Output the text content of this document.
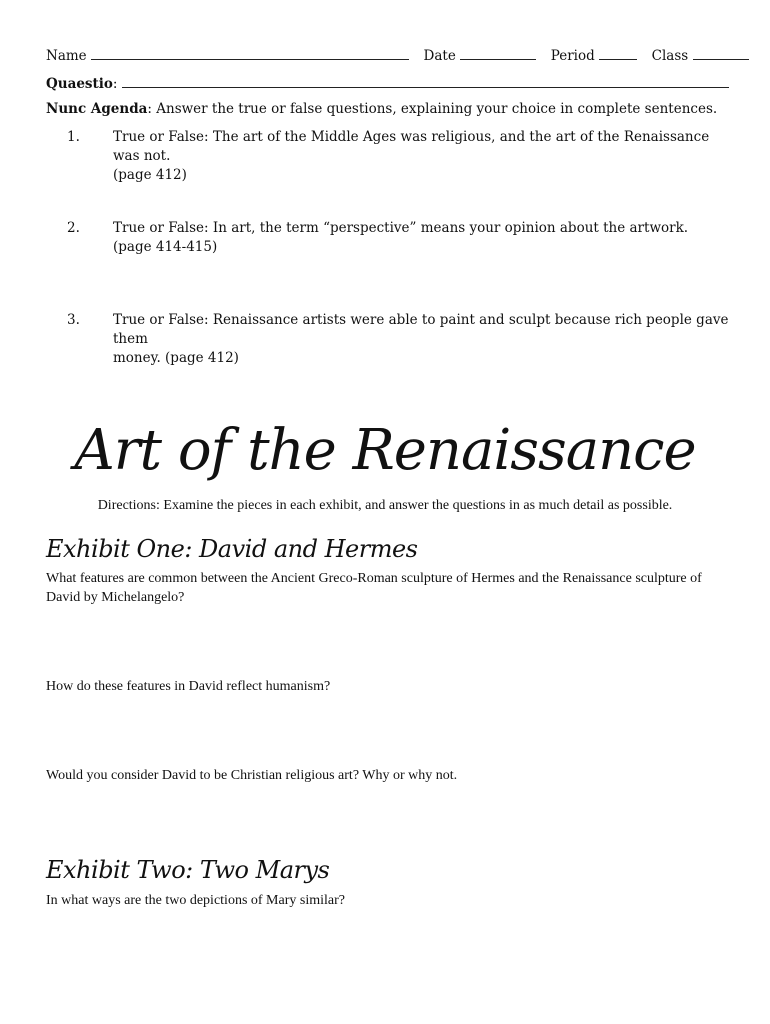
Name	Date	Period	Class
Quaestio:
Nunc Agenda: Answer the true or false questions, explaining your choice in complete sentences.
1. True or False: The art of the Middle Ages was religious, and the art of the Renaissance was not.
(page 412)
2. True or False: In art, the term “perspective” means your opinion about the artwork.
(page 414-415)
3. True or False: Renaissance artists were able to paint and sculpt because rich people gave them
money. (page 412)
Art of the Renaissance
Directions: Examine the pieces in each exhibit, and answer the questions in as much detail as possible.
Exhibit One: David and Hermes
What features are common between the Ancient Greco-Roman sculpture of Hermes and the Renaissance sculpture of David by Michelangelo?
How do these features in David reflect humanism?
Would you consider David to be Christian religious art? Why or why not.
Exhibit Two: Two Marys
In what ways are the two depictions of Mary similar?
